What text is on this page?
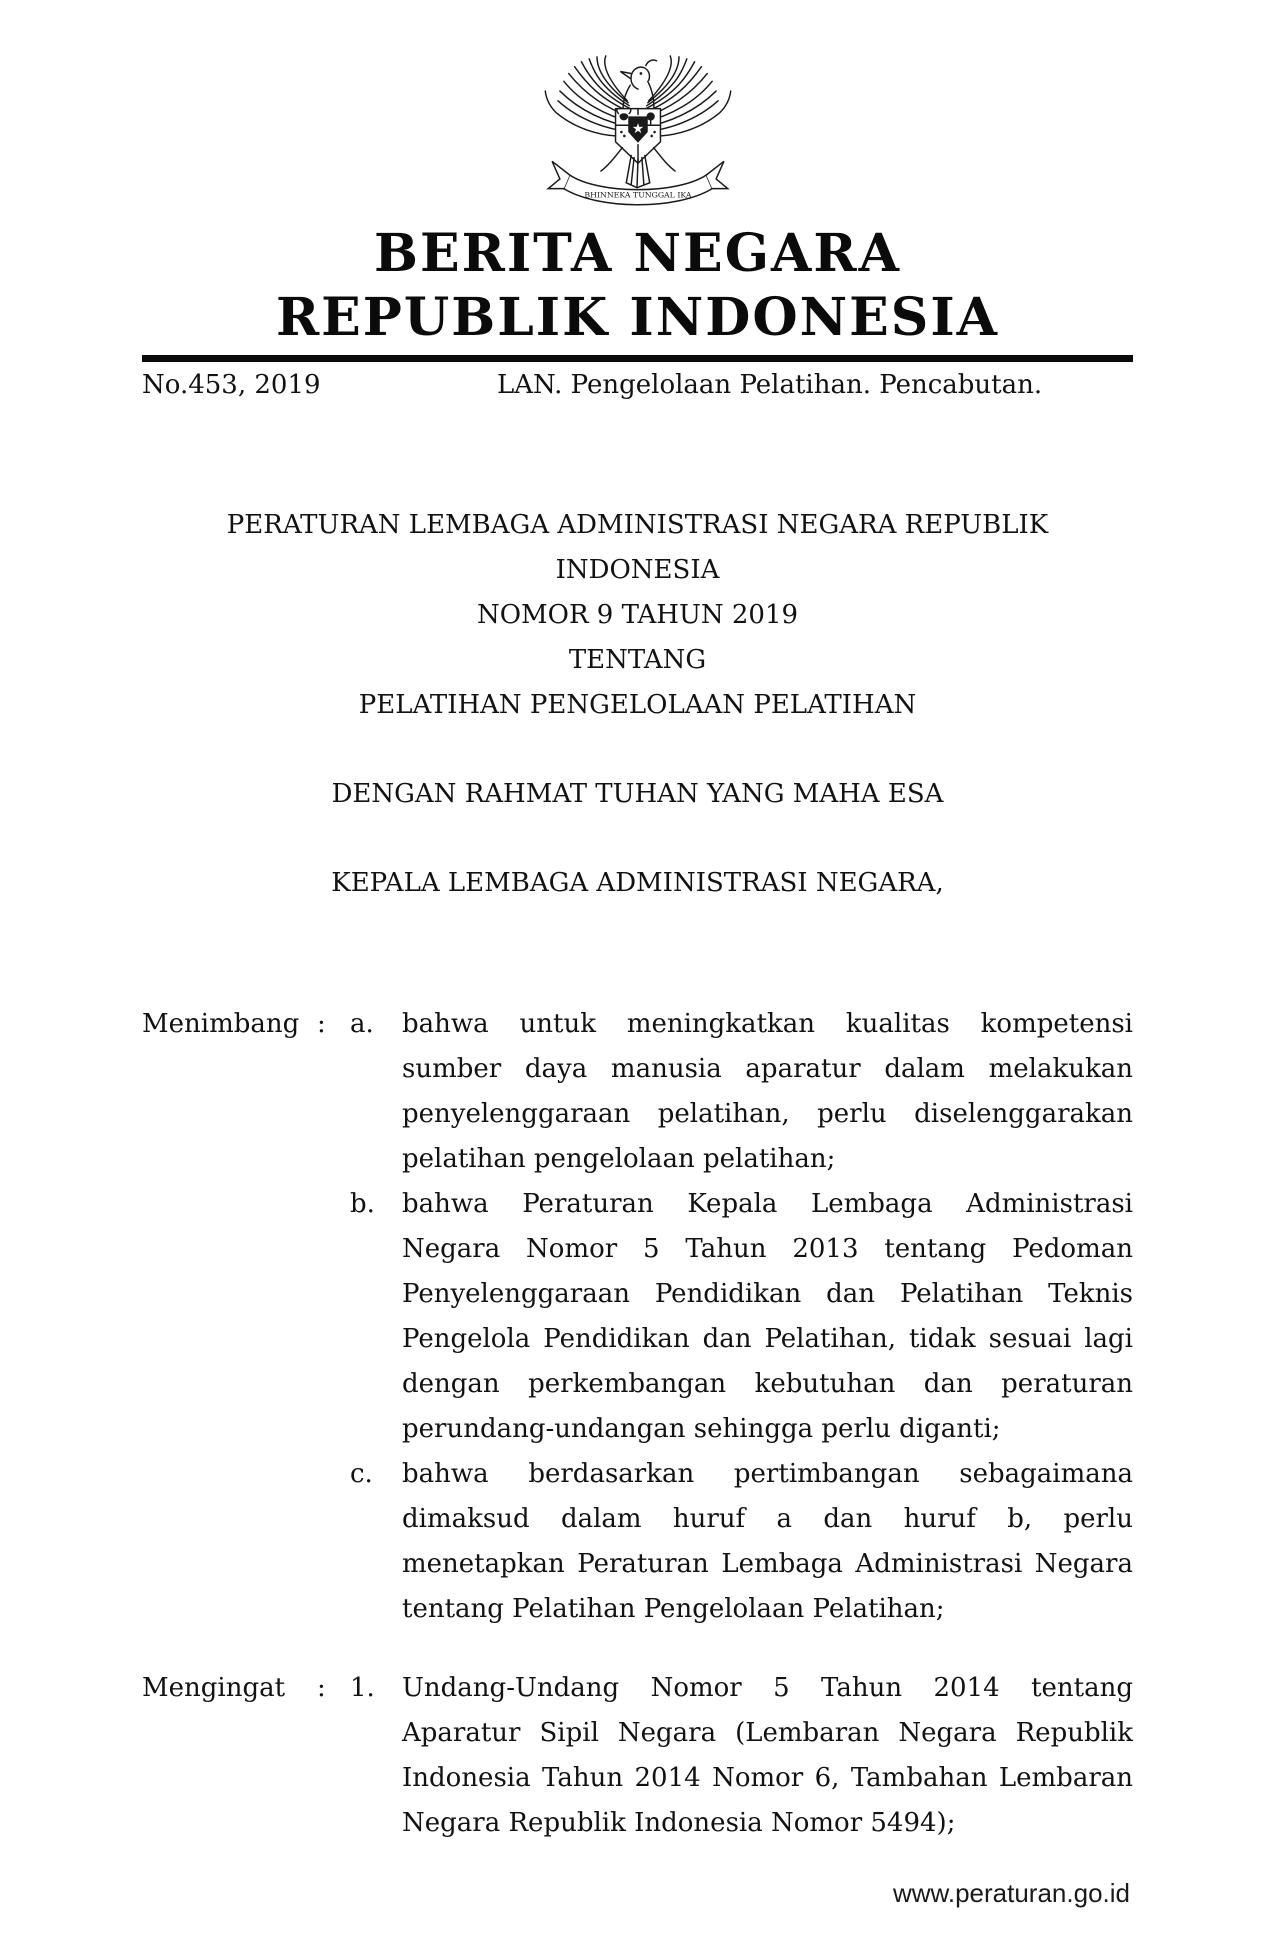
★
BHINNEKA TUNGGAL IKA
BERITA NEGARA
REPUBLIK INDONESIA
No.453, 2019	LAN. Pengelolaan Pelatihan. Pencabutan.
PERATURAN LEMBAGA ADMINISTRASI NEGARA REPUBLIK INDONESIA
NOMOR 9 TAHUN 2019
TENTANG
PELATIHAN PENGELOLAAN PELATIHAN
DENGAN RAHMAT TUHAN YANG MAHA ESA
KEPALA LEMBAGA ADMINISTRASI NEGARA,
Menimbang : a.	bahwa untuk meningkatkan kualitas kompetensi sumber daya manusia aparatur dalam melakukan penyelenggaraan pelatihan, perlu diselenggarakan pelatihan pengelolaan pelatihan;
b.	bahwa Peraturan Kepala Lembaga Administrasi Negara Nomor 5 Tahun 2013 tentang Pedoman Penyelenggaraan Pendidikan dan Pelatihan Teknis Pengelola Pendidikan dan Pelatihan, tidak sesuai lagi dengan perkembangan kebutuhan dan peraturan perundang-undangan sehingga perlu diganti;
c.	bahwa berdasarkan pertimbangan sebagaimana dimaksud dalam huruf a dan huruf b, perlu menetapkan Peraturan Lembaga Administrasi Negara tentang Pelatihan Pengelolaan Pelatihan;
Mengingat	: 1.	Undang-Undang Nomor 5 Tahun 2014 tentang Aparatur Sipil Negara (Lembaran Negara Republik Indonesia Tahun 2014 Nomor 6, Tambahan Lembaran Negara Republik Indonesia Nomor 5494);
www.peraturan.go.id
